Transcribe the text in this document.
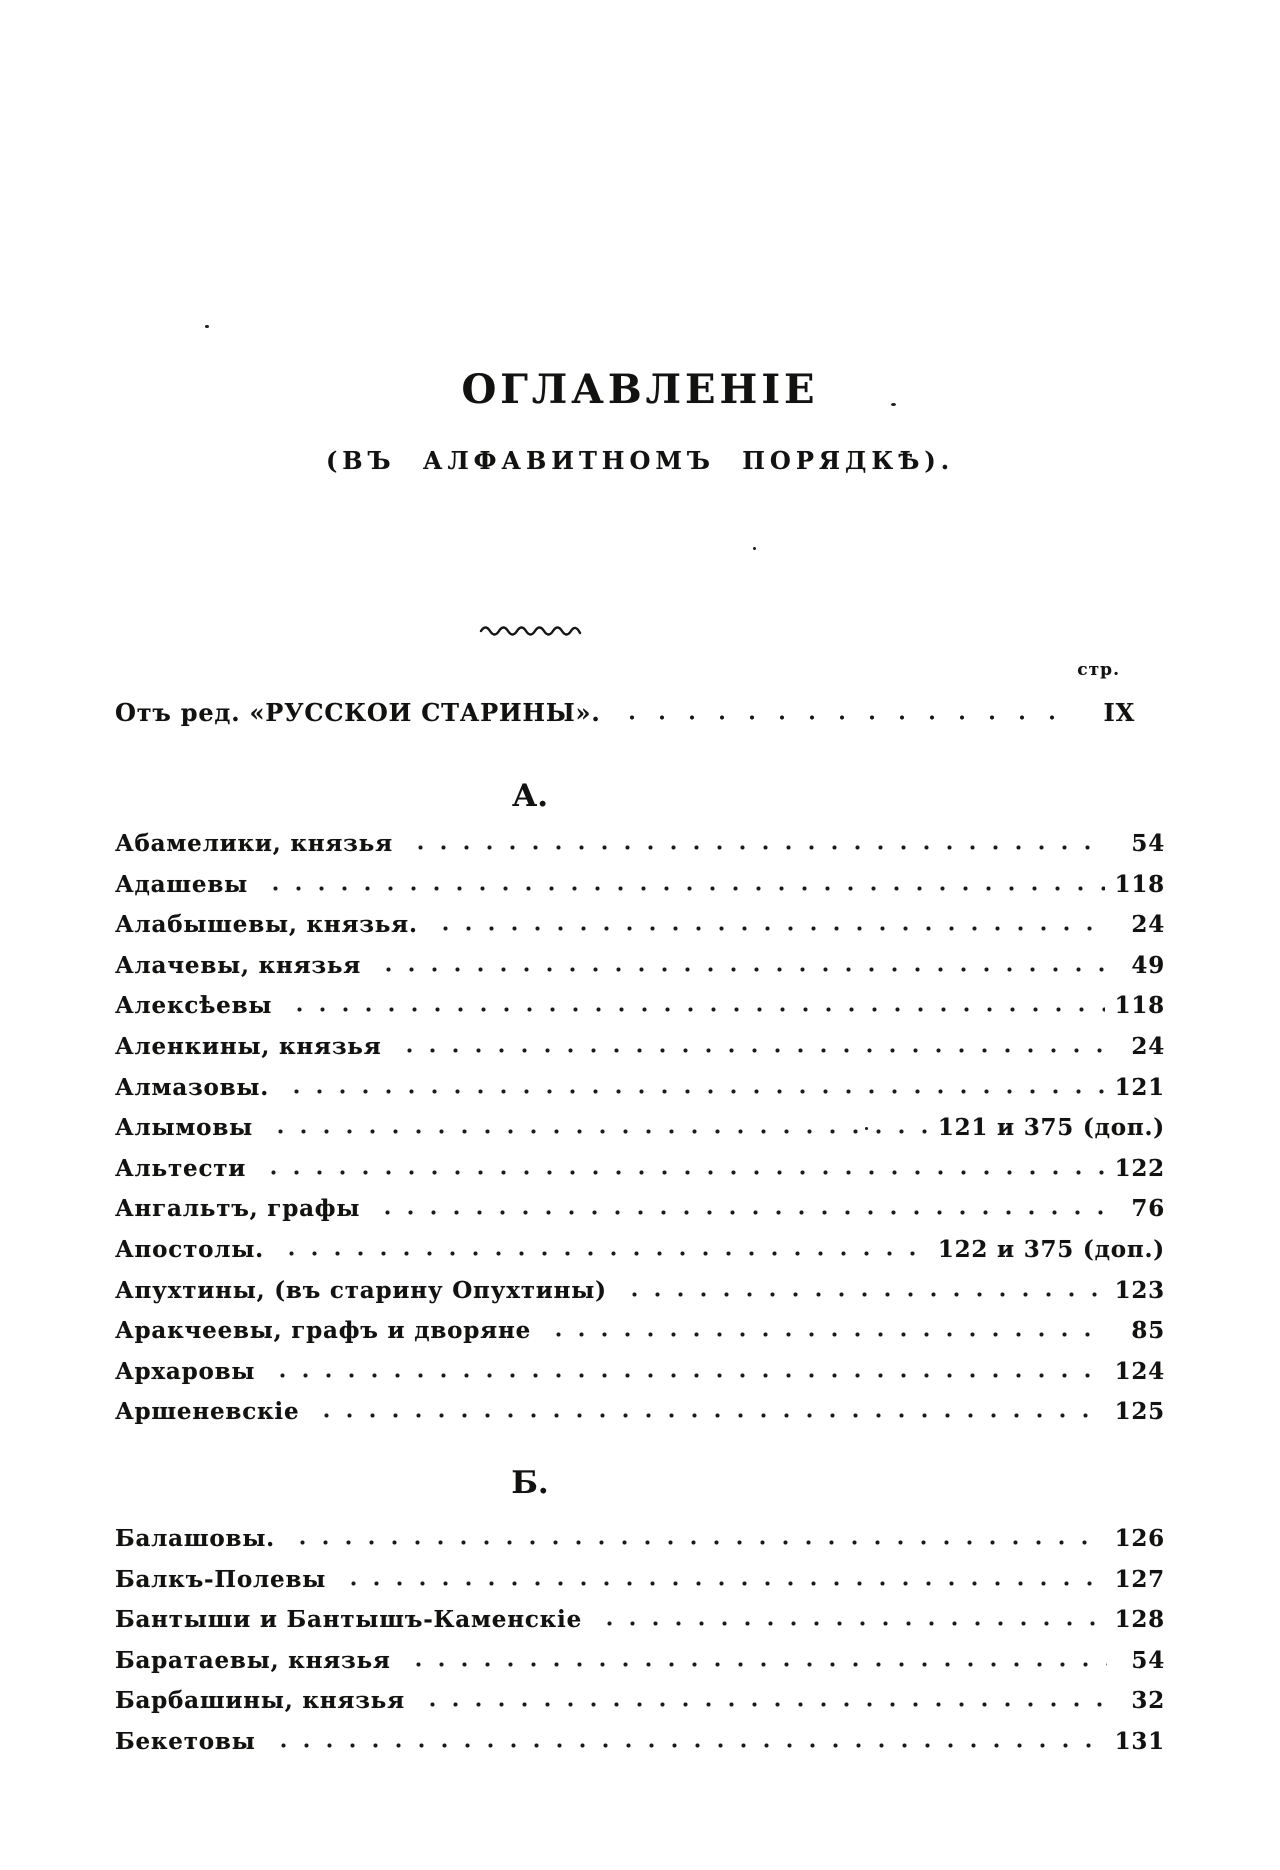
стр.
ОГЛАВЛЕНІЕ
(ВЪ АЛФАВИТНОМЪ ПОРЯДКѢ).
Отъ ред. «РУССКОИ СТАРИНЫ».	IX
А.
Абамелики, князья	54
Адашевы	118
Алабышевы, князья.	24
Алачевы, князья	49
Алексѣевы	118
Аленкины, князья	24
Алмазовы.	121
Алымовы	121 и 375 (доп.)
Альтести	122
Ангальтъ, графы	76
Апостолы.	122 и 375 (доп.)
Апухтины, (въ старину Опухтины)	123
Аракчеевы, графъ и дворяне	85
Архаровы	124
Аршеневскіе	125
Б.
Балашовы.	126
Балкъ-Полевы	127
Бантыши и Бантышъ-Каменскіе	128
Баратаевы, князья	54
Барбашины, князья	32
Бекетовы	131
